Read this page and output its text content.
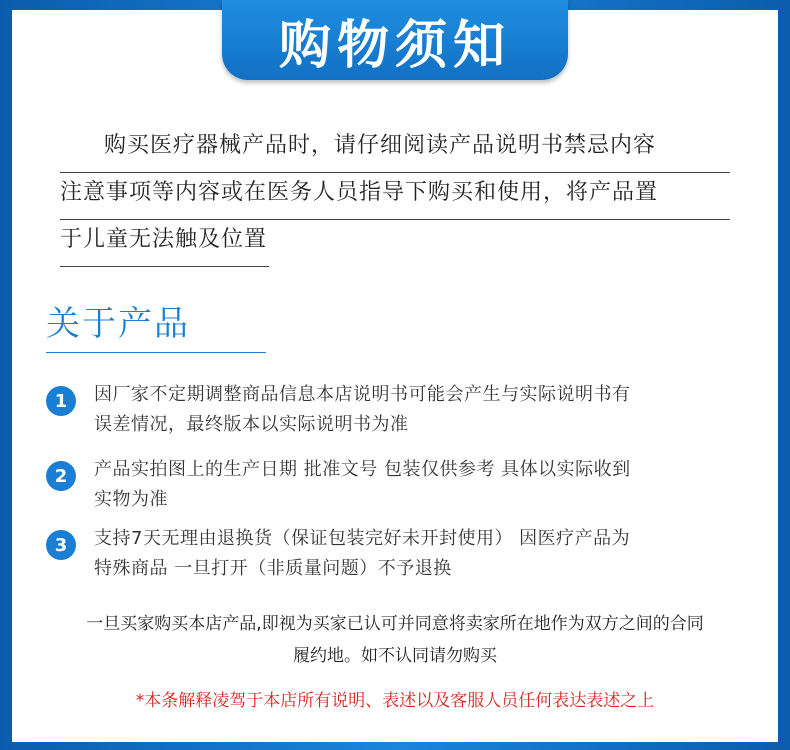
购物须知
购买医疗器械产品时，请仔细阅读产品说明书禁忌内容
注意事项等内容或在医务人员指导下购买和使用，将产品置
于儿童无法触及位置
关于产品
1	因厂家不定期调整商品信息本店说明书可能会产生与实际说明书有
误差情况，最终版本以实际说明书为准
2	产品实拍图上的生产日期 批准文号 包装仅供参考 具体以实际收到
实物为准
3	支持7天无理由退换货（保证包装完好未开封使用） 因医疗产品为
特殊商品 一旦打开（非质量问题）不予退换
一旦买家购买本店产品,即视为买家已认可并同意将卖家所在地作为双方之间的合同
履约地。如不认同请勿购买
*本条解释凌驾于本店所有说明、表述以及客服人员任何表达表述之上
